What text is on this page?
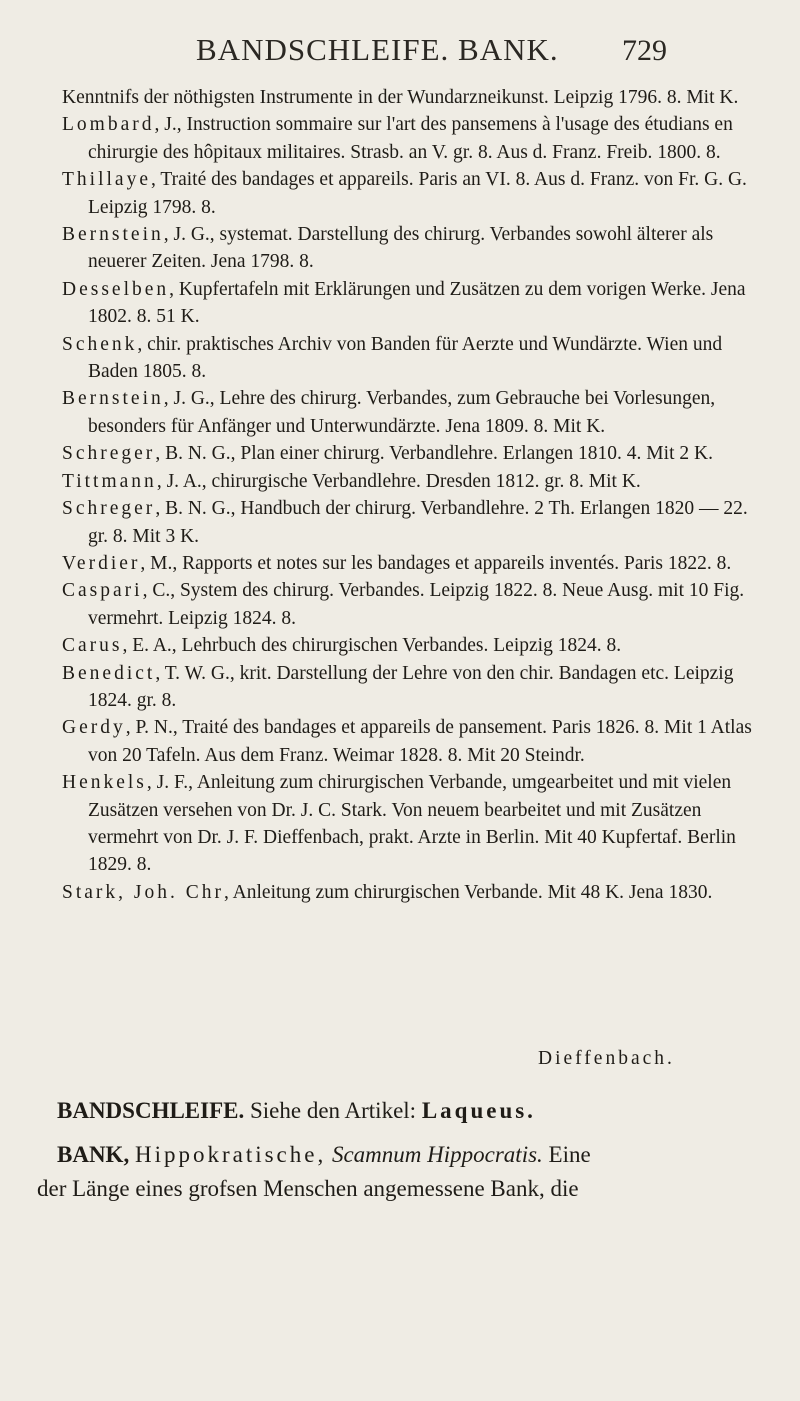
BANDSCHLEIFE. BANK. 729

Kenntnifs der nöthigsten Instrumente in der Wundarzneikunst. Leipzig 1796. 8. Mit K.

Lombard, J., Instruction sommaire sur l'art des pansemens à l'usage des étudians en chirurgie des hôpitaux militaires. Strasb. an V. gr. 8. Aus d. Franz. Freib. 1800. 8.

Thillaye, Traité des bandages et appareils. Paris an VI. 8. Aus d. Franz. von Fr. G. G. Leipzig 1798. 8.

Bernstein, J. G., systemat. Darstellung des chirurg. Verbandes sowohl älterer als neuerer Zeiten. Jena 1798. 8.

Desselben, Kupfertafeln mit Erklärungen und Zusätzen zu dem vorigen Werke. Jena 1802. 8. 51 K.

Schenk, chir. praktisches Archiv von Banden für Aerzte und Wundärzte. Wien und Baden 1805. 8.

Bernstein, J. G., Lehre des chirurg. Verbandes, zum Gebrauche bei Vorlesungen, besonders für Anfänger und Unterwundärzte. Jena 1809. 8. Mit K.

Schreger, B. N. G., Plan einer chirurg. Verbandlehre. Erlangen 1810. 4. Mit 2 K.

Tittmann, J. A., chirurgische Verbandlehre. Dresden 1812. gr. 8. Mit K.

Schreger, B. N. G., Handbuch der chirurg. Verbandlehre. 2 Th. Erlangen 1820 — 22. gr. 8. Mit 3 K.

Verdier, M., Rapports et notes sur les bandages et appareils inventés. Paris 1822. 8.

Caspari, C., System des chirurg. Verbandes. Leipzig 1822. 8. Neue Ausg. mit 10 Fig. vermehrt. Leipzig 1824. 8.

Carus, E. A., Lehrbuch des chirurgischen Verbandes. Leipzig 1824. 8.

Benedict, T. W. G., krit. Darstellung der Lehre von den chir. Bandagen etc. Leipzig 1824. gr. 8.

Gerdy, P. N., Traité des bandages et appareils de pansement. Paris 1826. 8. Mit 1 Atlas von 20 Tafeln. Aus dem Franz. Weimar 1828. 8. Mit 20 Steindr.

Henkels, J. F., Anleitung zum chirurgischen Verbande, umgearbeitet und mit vielen Zusätzen versehen von Dr. J. C. Stark. Von neuem bearbeitet und mit Zusätzen vermehrt von Dr. J. F. Dieffenbach, prakt. Arzte in Berlin. Mit 40 Kupfertaf. Berlin 1829. 8.

Stark, Joh. Chr, Anleitung zum chirurgischen Verbande. Mit 48 K. Jena 1830.

Dieffenbach.
BANDSCHLEIFE. Siehe den Artikel: Laqueus.
BANK, Hippokratische, Scamnum Hippocratis. Eine
der Länge eines grofsen Menschen angemessene Bank, die
